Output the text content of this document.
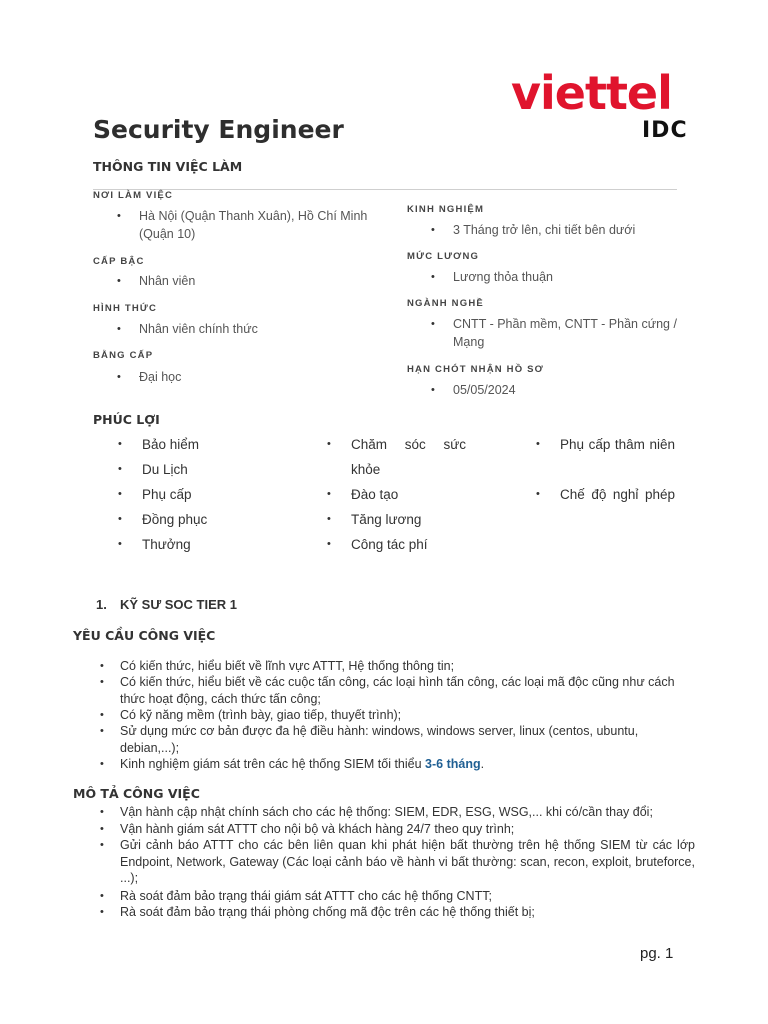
viettel
IDC
Security Engineer
THÔNG TIN VIỆC LÀM
NƠI LÀM VIỆC
• Hà Nội (Quận Thanh Xuân), Hồ Chí Minh (Quận 10)
CẤP BẬC
• Nhân viên
HÌNH THỨC
• Nhân viên chính thức
BẰNG CẤP
• Đại học
KINH NGHIỆM
• 3 Tháng trở lên, chi tiết bên dưới
MỨC LƯƠNG
• Lương thỏa thuận
NGÀNH NGHỀ
• CNTT - Phần mềm, CNTT - Phần cứng / Mạng
HẠN CHÓT NHẬN HỒ SƠ
• 05/05/2024
PHÚC LỢI
• Bảo hiểm
• Du Lịch
• Phụ cấp
• Đồng phục
• Thưởng
• Chăm sóc sức khỏe
• Đào tạo
• Tăng lương
• Công tác phí
• Phụ cấp thâm niên
• Chế độ nghỉ phép
1. KỸ SƯ SOC TIER 1
YÊU CẦU CÔNG VIỆC
• Có kiến thức, hiểu biết về lĩnh vực ATTT, Hệ thống thông tin;
• Có kiến thức, hiểu biết về các cuộc tấn công, các loại hình tấn công, các loại mã độc cũng như cách thức hoạt động, cách thức tấn công;
• Có kỹ năng mềm (trình bày, giao tiếp, thuyết trình);
• Sử dụng mức cơ bản được đa hệ điều hành: windows, windows server, linux (centos, ubuntu, debian,...);
• Kinh nghiệm giám sát trên các hệ thống SIEM tối thiểu 3-6 tháng.
MÔ TẢ CÔNG VIỆC
• Vận hành cập nhật chính sách cho các hệ thống: SIEM, EDR, ESG, WSG,... khi có/cần thay đổi;
• Vận hành giám sát ATTT cho nội bộ và khách hàng 24/7 theo quy trình;
• Gửi cảnh báo ATTT cho các bên liên quan khi phát hiện bất thường trên hệ thống SIEM từ các lớp Endpoint, Network, Gateway (Các loại cảnh báo về hành vi bất thường: scan, recon, exploit, bruteforce, ...);
• Rà soát đảm bảo trạng thái giám sát ATTT cho các hệ thống CNTT;
• Rà soát đảm bảo trạng thái phòng chống mã độc trên các hệ thống thiết bị;
pg. 1
